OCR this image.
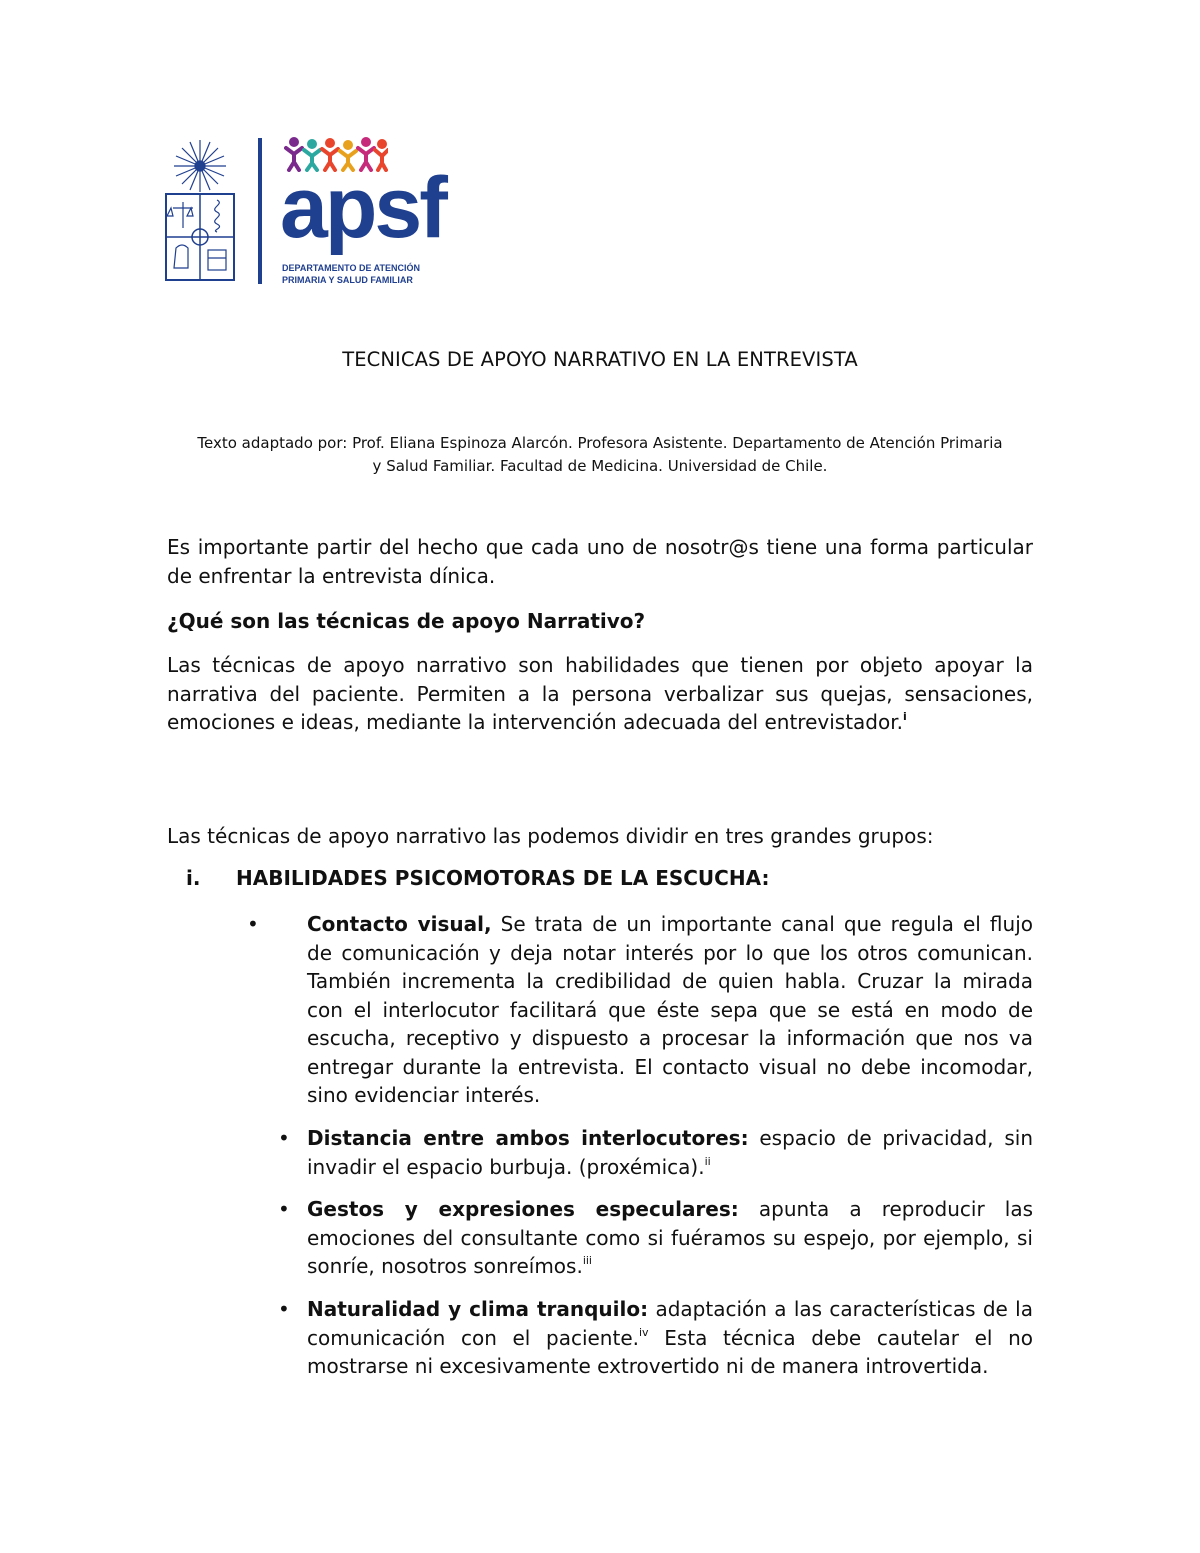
apsf
DEPARTAMENTO DE ATENCIÓN
PRIMARIA Y SALUD FAMILIAR
TECNICAS DE APOYO NARRATIVO EN LA ENTREVISTA
Texto adaptado por: Prof. Eliana Espinoza Alarcón. Profesora Asistente. Departamento de Atención Primaria
y Salud Familiar. Facultad de Medicina. Universidad de Chile.
Es importante partir del hecho que cada uno de nosotr@s tiene una forma particular de enfrentar la entrevista dínica.
¿Qué son las técnicas de apoyo Narrativo?
Las técnicas de apoyo narrativo son habilidades que tienen por objeto apoyar la narrativa del paciente. Permiten a la persona verbalizar sus quejas, sensaciones, emociones e ideas, mediante la intervención adecuada del entrevistador.$^i$
Las técnicas de apoyo narrativo las podemos dividir en tres grandes grupos:
i. HABILIDADES PSICOMOTORAS DE LA ESCUCHA:
• Contacto visual, Se trata de un importante canal que regula el flujo de comunicación y deja notar interés por lo que los otros comunican. También incrementa la credibilidad de quien habla. Cruzar la mirada con el interlocutor facilitará que éste sepa que se está en modo de escucha, receptivo y dispuesto a procesar la información que nos va entregar durante la entrevista. El contacto visual no debe incomodar, sino evidenciar interés.
• Distancia entre ambos interlocutores: espacio de privacidad, sin invadir el espacio burbuja. (proxémica).$^{ii}$
• Gestos y expresiones especulares: apunta a reproducir las emociones del consultante como si fuéramos su espejo, por ejemplo, si sonríe, nosotros sonreímos.$^{iii}$
• Naturalidad y clima tranquilo: adaptación a las características de la comunicación con el paciente.$^{iv}$ Esta técnica debe cautelar el no mostrarse ni excesivamente extrovertido ni de manera introvertida.
